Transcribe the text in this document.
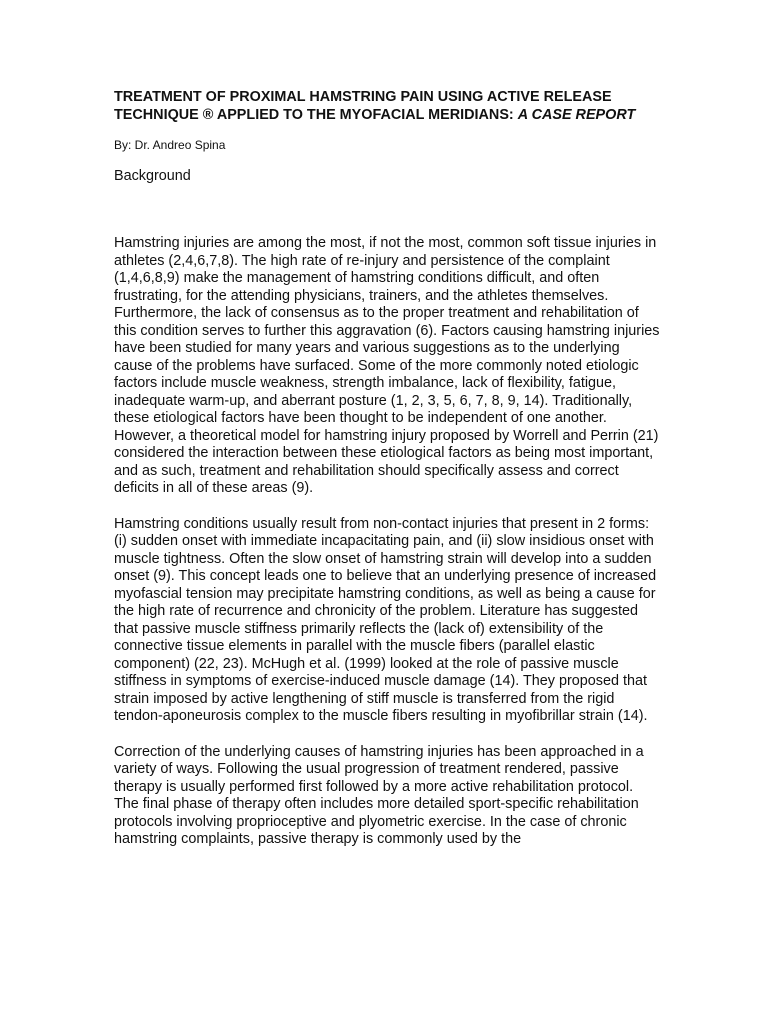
TREATMENT OF PROXIMAL HAMSTRING PAIN USING ACTIVE RELEASE TECHNIQUE ® APPLIED TO THE MYOFACIAL MERIDIANS: A CASE REPORT

By: Dr. Andreo Spina

Background

Hamstring injuries are among the most, if not the most, common soft tissue injuries in athletes (2,4,6,7,8). The high rate of re-injury and persistence of the complaint (1,4,6,8,9) make the management of hamstring conditions difficult, and often frustrating, for the attending physicians, trainers, and the athletes themselves. Furthermore, the lack of consensus as to the proper treatment and rehabilitation of this condition serves to further this aggravation (6). Factors causing hamstring injuries have been studied for many years and various suggestions as to the underlying cause of the problems have surfaced. Some of the more commonly noted etiologic factors include muscle weakness, strength imbalance, lack of flexibility, fatigue, inadequate warm-up, and aberrant posture (1, 2, 3, 5, 6, 7, 8, 9, 14). Traditionally, these etiological factors have been thought to be independent of one another. However, a theoretical model for hamstring injury proposed by Worrell and Perrin (21) considered the interaction between these etiological factors as being most important, and as such, treatment and rehabilitation should specifically assess and correct deficits in all of these areas (9).

Hamstring conditions usually result from non-contact injuries that present in 2 forms: (i) sudden onset with immediate incapacitating pain, and (ii) slow insidious onset with muscle tightness. Often the slow onset of hamstring strain will develop into a sudden onset (9). This concept leads one to believe that an underlying presence of increased myofascial tension may precipitate hamstring conditions, as well as being a cause for the high rate of recurrence and chronicity of the problem. Literature has suggested that passive muscle stiffness primarily reflects the (lack of) extensibility of the connective tissue elements in parallel with the muscle fibers (parallel elastic component) (22, 23). McHugh et al. (1999) looked at the role of passive muscle stiffness in symptoms of exercise-induced muscle damage (14). They proposed that strain imposed by active lengthening of stiff muscle is transferred from the rigid tendon-aponeurosis complex to the muscle fibers resulting in myofibrillar strain (14).

Correction of the underlying causes of hamstring injuries has been approached in a variety of ways. Following the usual progression of treatment rendered, passive therapy is usually performed first followed by a more active rehabilitation protocol. The final phase of therapy often includes more detailed sport-specific rehabilitation protocols involving proprioceptive and plyometric exercise. In the case of chronic hamstring complaints, passive therapy is commonly used by the
